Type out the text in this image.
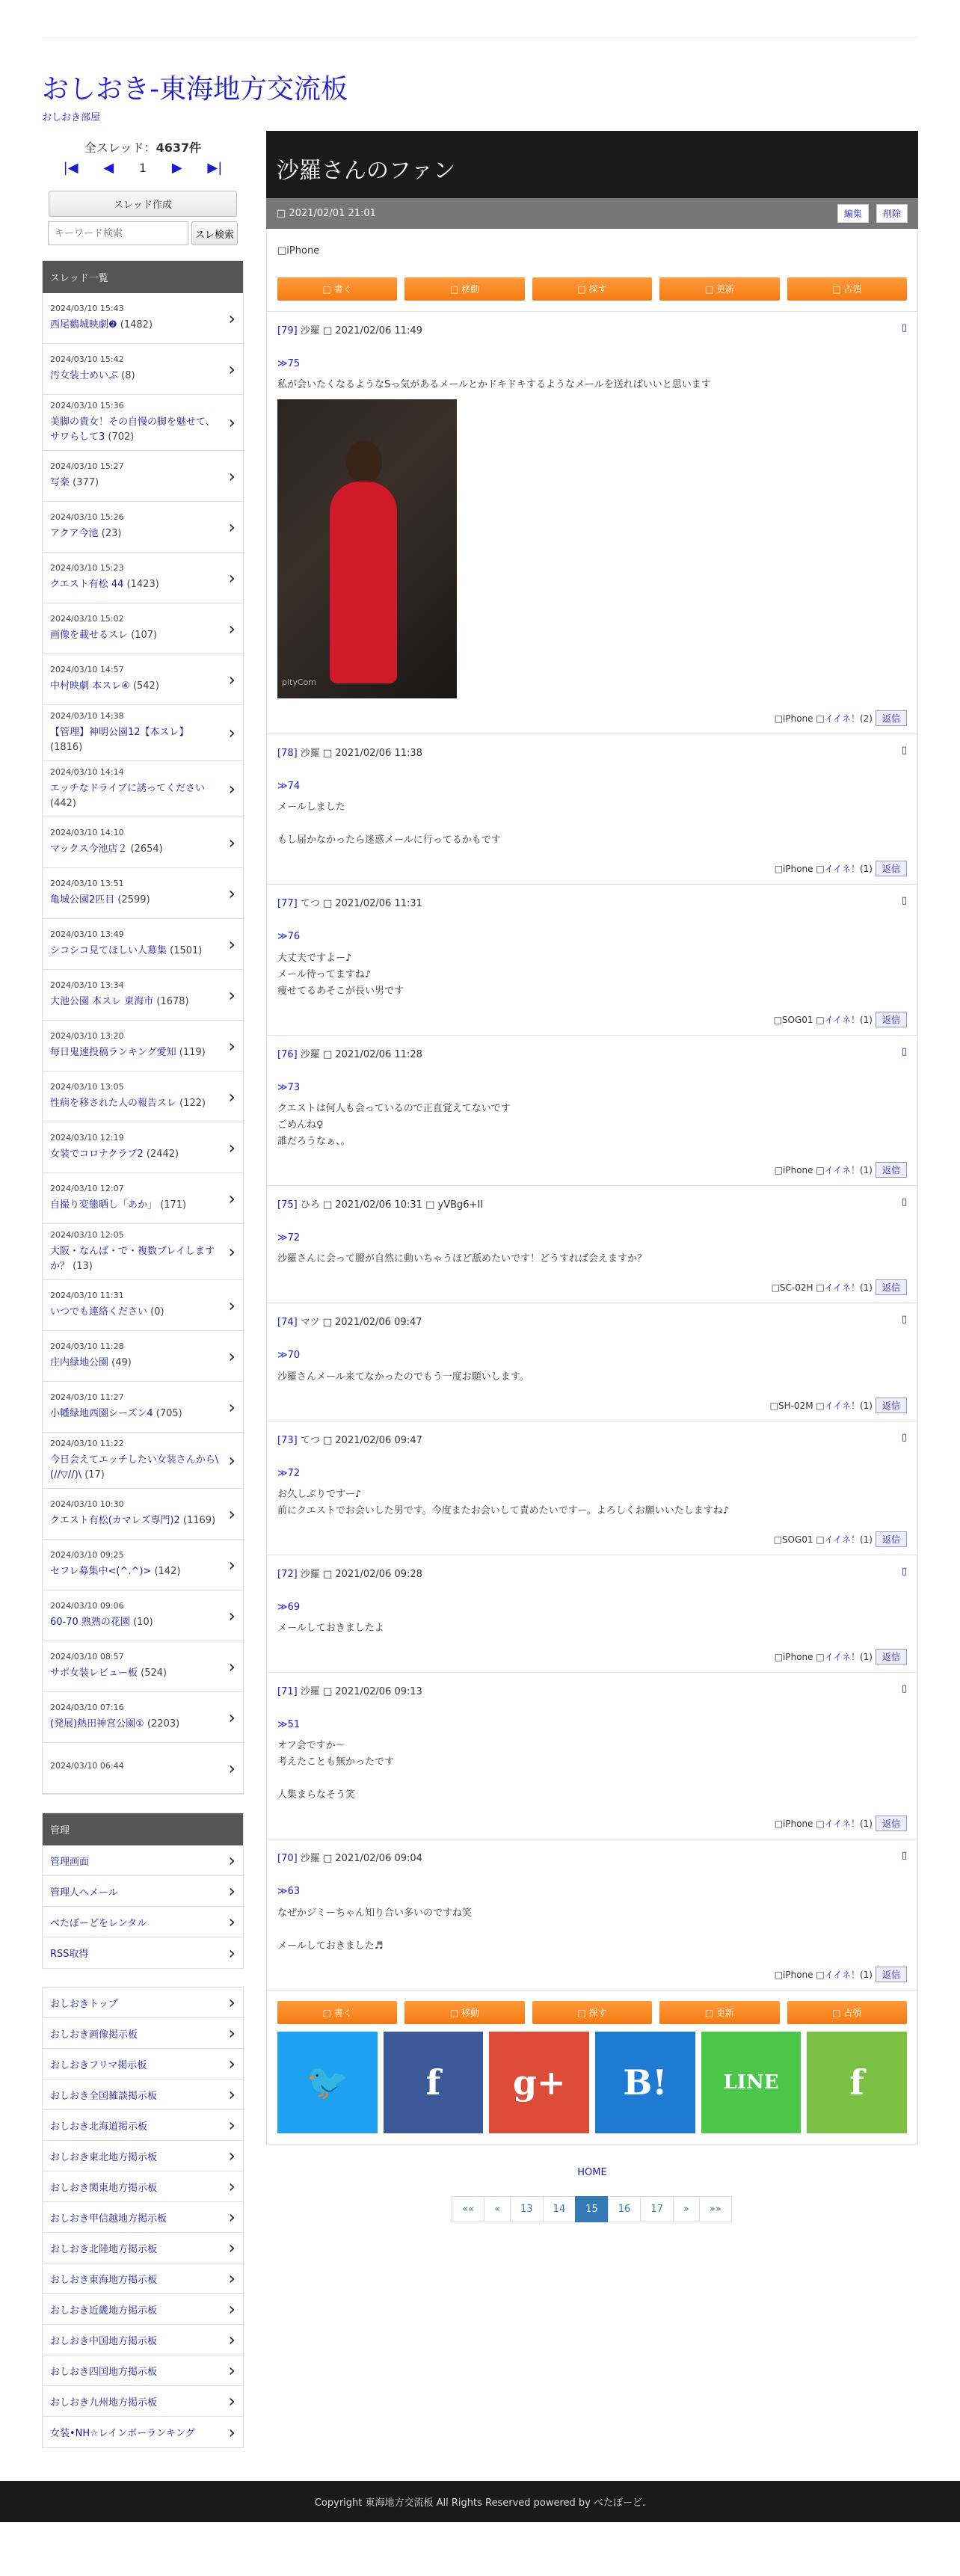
おしおき-東海地方交流板
おしおき部屋
全スレッド：4637件
|◀ ◀ 1 ▶ ▶|
スレッド作成
キーワード検索
スレ検索
スレッド一覧
2024/03/10 15:43
西尾鶴城映劇❷ (1482)	›
2024/03/10 15:42
汚女装士めいぷ (8)	›
2024/03/10 15:36
美脚の貴女！その自慢の脚を魅せて、サワらして3 (702)
›
2024/03/10 15:27
写楽 (377)	›
2024/03/10 15:26
アクア今池 (23)	›
2024/03/10 15:23
クエスト有松 44 (1423)	›
2024/03/10 15:02
画像を載せるスレ (107)	›
2024/03/10 14:57
中村映劇 本スレ④ (542)	›
2024/03/10 14:38
【管理】神明公園12【本スレ】 (1816)
›
2024/03/10 14:14
エッチなドライブに誘ってください (442)
›
2024/03/10 14:10
マックス今池店２ (2654)	›
2024/03/10 13:51
亀城公園2匹目 (2599)	›
2024/03/10 13:49
シコシコ見てほしい人募集 (1501) ›
2024/03/10 13:34
大池公園 本スレ 東海市 (1678) ›
2024/03/10 13:20
毎日鬼速投稿ランキング愛知 (119) ›
2024/03/10 13:05
性病を移された人の報告スレ (122) ›
2024/03/10 12:19
女装でコロナクラブ2 (2442)	›
2024/03/10 12:07
自撮り変態晒し「あか」 (171) ›
2024/03/10 12:05
大阪・なんば・で・複数プレイしますか？ (13)
›
2024/03/10 11:31
いつでも連絡ください (0)	›
2024/03/10 11:28
庄内緑地公園 (49)	›
2024/03/10 11:27
小幡緑地西園シーズン4 (705)	›
2024/03/10 11:22
今日会えてエッチしたい女装さんから\(//▽//)\ (17)
›
2024/03/10 10:30
クエスト有松(カマレズ専門)2 (1169) ›
2024/03/10 09:25
セフレ募集中<(^.^)> (142)	›
2024/03/10 09:06
60-70 熟熟の花園 (10)	›
2024/03/10 08:57
サポ女装レビュー板 (524)	›
2024/03/10 07:16
(発展)熱田神宮公園① (2203)	›
2024/03/10 06:44	›
管理
管理画面	›
管理人へメール	›
べたぼーどをレンタル	›
RSS取得	›
おしおきトップ	›
おしおき画像掲示板	›
おしおきフリマ掲示板	›
おしおき全国雑談掲示板	›
おしおき北海道掲示板	›
おしおき東北地方掲示板	›
おしおき関東地方掲示板	›
おしおき甲信越地方掲示板	›
おしおき北陸地方掲示板	›
おしおき東海地方掲示板	›
おしおき近畿地方掲示板	›
おしおき中国地方掲示板	›
おしおき四国地方掲示板	›
おしおき九州地方掲示板	›
女装•NH☆レインボーランキング ›
沙羅さんのファン
□ 2021/02/01 21:01	編集 削除
□iPhone
□ 書く	□ 移動	□ 探す	□ 更新	□ 占領
[79] 沙羅 □ 2021/02/06 11:49	▯
≫75
私が会いたくなるようなSっ気があるメールとかドキドキするようなメールを送ればいいと思います
pityCom
□iPhone □イイネ！(2) 返信
[78] 沙羅 □ 2021/02/06 11:38	▯
≫74
メールしました
もし届かなかったら迷惑メールに行ってるかもです
□iPhone □イイネ！(1) 返信
[77] てつ □ 2021/02/06 11:31	▯
≫76
大丈夫ですよー♪
メール待ってますね♪
痩せてるあそこが長い男です
□SOG01 □イイネ！(1) 返信
[76] 沙羅 □ 2021/02/06 11:28	▯
≫73
クエストは何人も会っているので正直覚えてないです
ごめんね♀
誰だろうなぁ、。
□iPhone □イイネ！(1) 返信
[75] ひろ □ 2021/02/06 10:31 □ yVBg6+II	▯
≫72
沙羅さんに会って腰が自然に動いちゃうほど舐めたいです！どうすれば会えますか？
□SC-02H □イイネ！(1) 返信
[74] マツ □ 2021/02/06 09:47	▯
≫70
沙羅さんメール来てなかったのでもう一度お願いします。
□SH-02M □イイネ！(1) 返信
[73] てつ □ 2021/02/06 09:47	▯
≫72
お久しぶりですー♪
前にクエストでお会いした男です。今度またお会いして責めたいですー。よろしくお願いいたしますね♪
□SOG01 □イイネ！(1) 返信
[72] 沙羅 □ 2021/02/06 09:28	▯
≫69
メールしておきましたよ
□iPhone □イイネ！(1) 返信
[71] 沙羅 □ 2021/02/06 09:13	▯
≫51
オフ会ですか〜
考えたことも無かったです
人集まらなそう笑
□iPhone □イイネ！(1) 返信
[70] 沙羅 □ 2021/02/06 09:04	▯
≫63
なぜかジミーちゃん知り合い多いのですね笑
メールしておきました♬
□iPhone □イイネ！(1) 返信
□ 書く	□ 移動	□ 探す	□ 更新	□ 占領
🐦	f	g+	B!	LINE	f
HOME
««	«	13	14	15	16	17	»	»»
Copyright 東海地方交流板 All Rights Reserved powered by べたぼーど.
